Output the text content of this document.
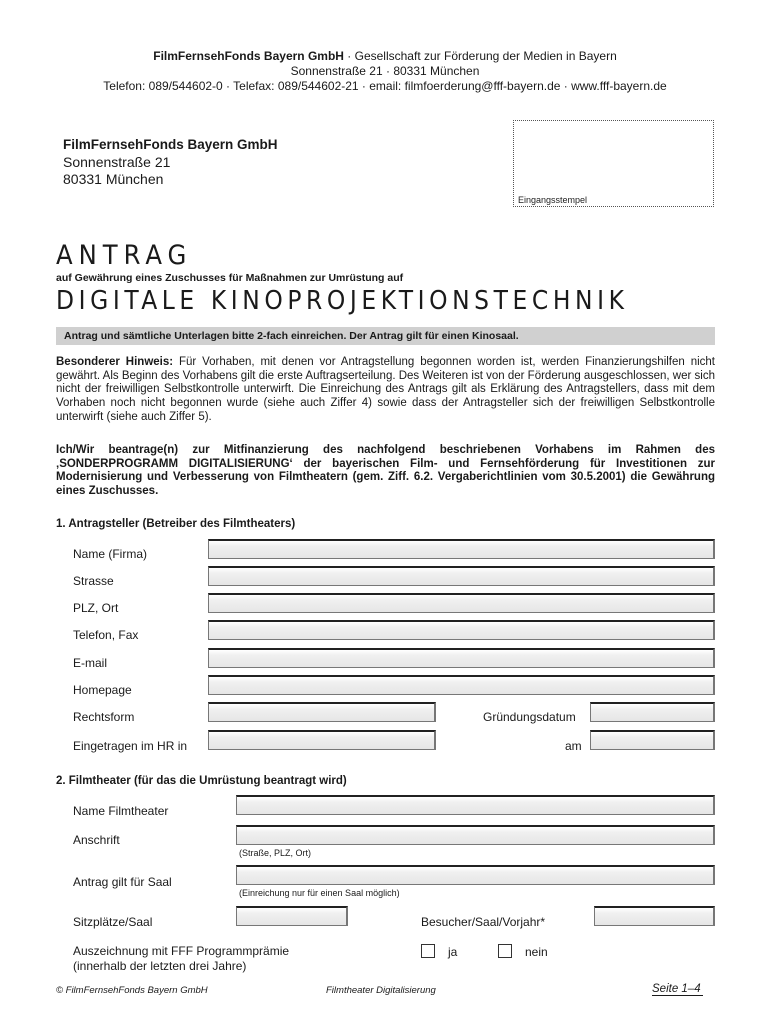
FilmFernsehFonds Bayern GmbH · Gesellschaft zur Förderung der Medien in Bayern
Sonnenstraße 21 · 80331 München
Telefon: 089/544602-0 · Telefax: 089/544602-21 · email: filmfoerderung@fff-bayern.de · www.fff-bayern.de
FilmFernsehFonds Bayern GmbH
Sonnenstraße 21
80331 München
Eingangsstempel
ANTRAG
auf Gewährung eines Zuschusses für Maßnahmen zur Umrüstung auf
DIGITALE KINOPROJEKTIONSTECHNIK
Antrag und sämtliche Unterlagen bitte 2-fach einreichen. Der Antrag gilt für einen Kinosaal.
Besonderer Hinweis: Für Vorhaben, mit denen vor Antragstellung begonnen worden ist, werden Finanzierungshilfen nicht gewährt. Als Beginn des Vorhabens gilt die erste Auftragserteilung. Des Weiteren ist von der Förderung ausgeschlossen, wer sich nicht der freiwilligen Selbstkontrolle unterwirft. Die Einreichung des Antrags gilt als Erklärung des Antragstellers, dass mit dem Vorhaben noch nicht begonnen wurde (siehe auch Ziffer 4) sowie dass der Antragsteller sich der freiwilligen Selbstkontrolle unterwirft (siehe auch Ziffer 5).
Ich/Wir beantrage(n) zur Mitfinanzierung des nachfolgend beschriebenen Vorhabens im Rahmen des ‚SONDERPROGRAMM DIGITALISIERUNG‘ der bayerischen Film- und Fernsehförderung für Investitionen zur Modernisierung und Verbesserung von Filmtheatern (gem. Ziff. 6.2. Vergaberichtlinien vom 30.5.2001) die Gewährung eines Zuschusses.
1. Antragsteller (Betreiber des Filmtheaters)
Name (Firma)
Strasse
PLZ, Ort
Telefon, Fax
E-mail
Homepage
Rechtsform	Gründungsdatum
Eingetragen im HR in	am
2. Filmtheater (für das die Umrüstung beantragt wird)
Name Filmtheater
Anschrift
(Straße, PLZ, Ort)
Antrag gilt für Saal
(Einreichung nur für einen Saal möglich)
Sitzplätze/Saal	Besucher/Saal/Vorjahr*
Auszeichnung mit FFF Programmprämie
(innerhalb der letzten drei Jahre)
ja	nein
© FilmFernsehFonds Bayern GmbH	Filmtheater Digitalisierung	Seite 1–4
